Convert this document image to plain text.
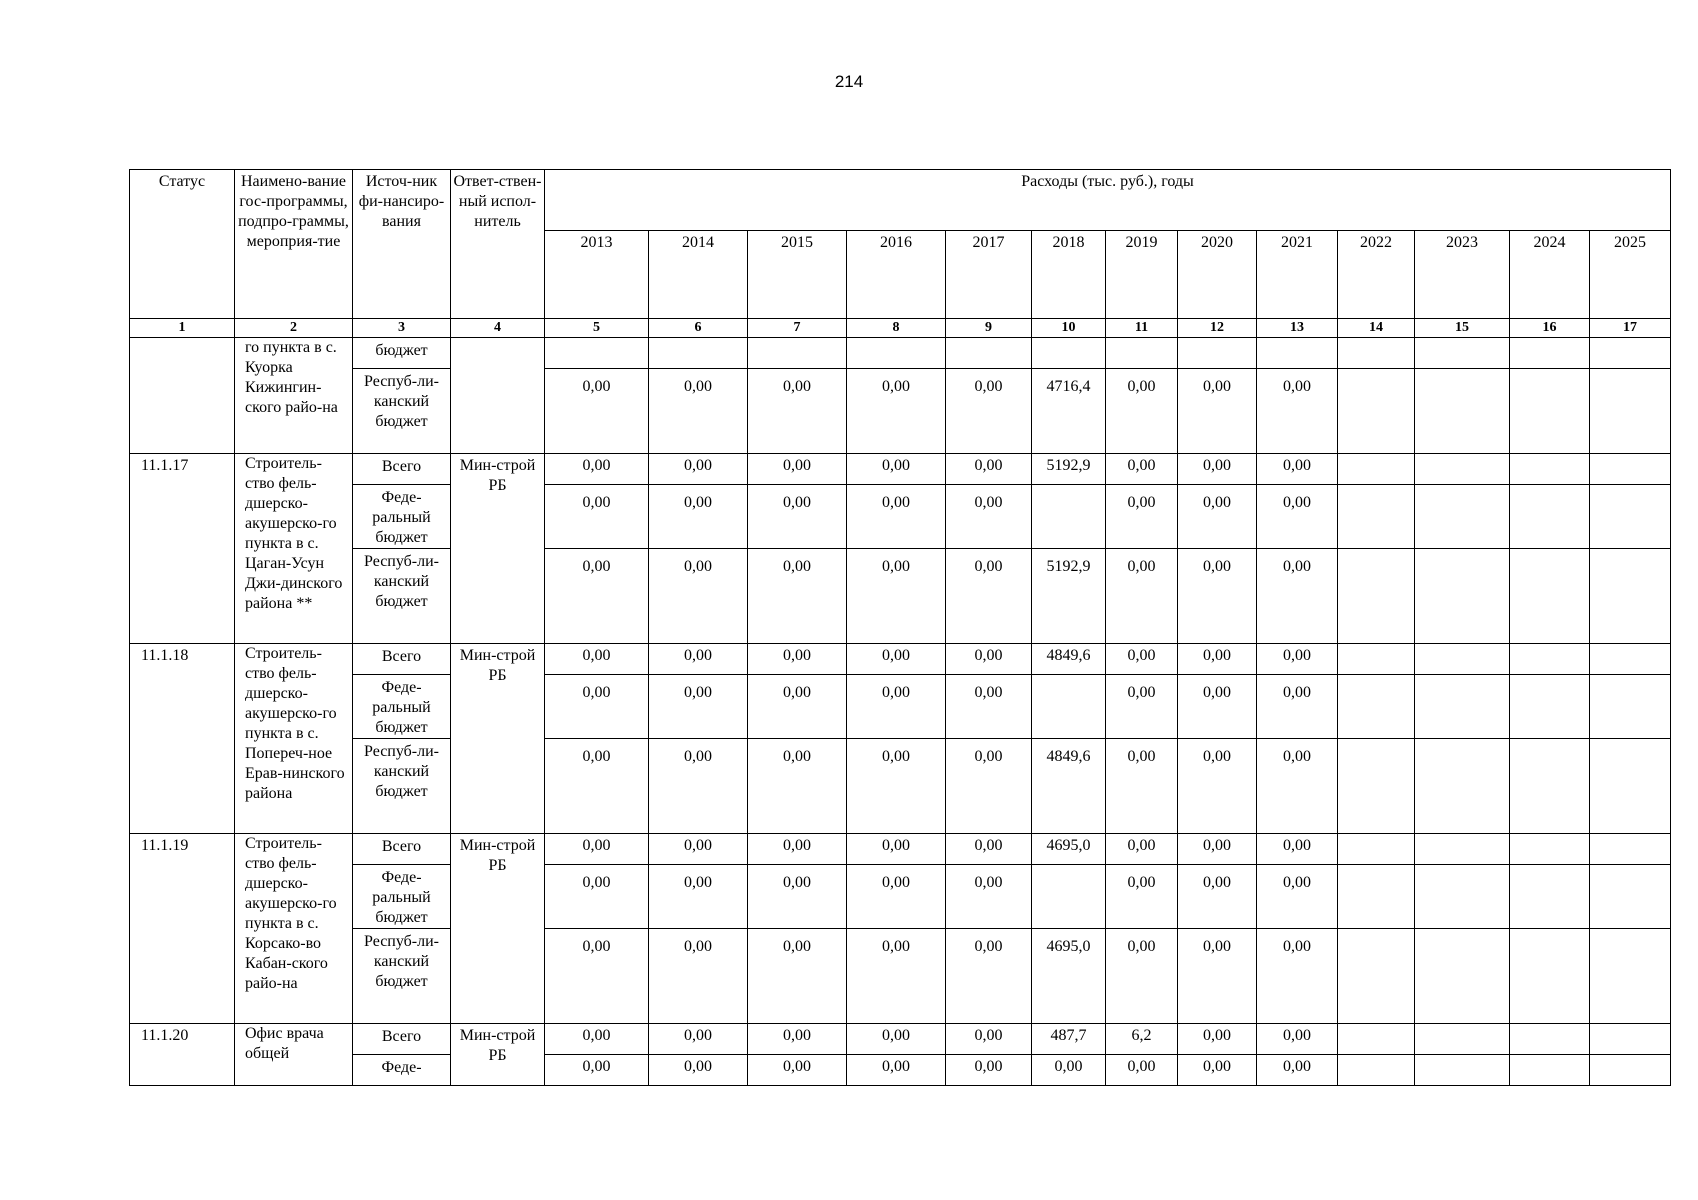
214
Статус	Наимено-вание гос-программы, подпро-граммы, мероприя-тие	Источ-ник фи-нансиро-вания	Ответ-ствен-ный испол-нитель	Расходы (тыс. руб.), годы												
				2013	2014	2015	2016	2017	2018	2019	2020	2021	2022	2023	2024	2025
1	2	3	4	5	6	7	8	9	10	11	12	13	14	15	16	17
	го пункта в с. Куорка Кижингин-ского райо-на	бюджет														
		Респуб-ли-канский бюджет		0,00	0,00	0,00	0,00	0,00	4716,4	0,00	0,00	0,00				
11.1.17	Строитель-ство фель-дшерско-акушерско-го пункта в с. Цаган-Усун Джи-динского района **	Всего	Мин-строй РБ	0,00	0,00	0,00	0,00	0,00	5192,9	0,00	0,00	0,00				
		Феде-ральный бюджет		0,00	0,00	0,00	0,00	0,00		0,00	0,00	0,00				
		Респуб-ли-канский бюджет		0,00	0,00	0,00	0,00	0,00	5192,9	0,00	0,00	0,00				
11.1.18	Строитель-ство фель-дшерско-акушерско-го пункта в с. Попереч-ное Ерав-нинского района	Всего	Мин-строй РБ	0,00	0,00	0,00	0,00	0,00	4849,6	0,00	0,00	0,00				
		Феде-ральный бюджет		0,00	0,00	0,00	0,00	0,00		0,00	0,00	0,00				
		Респуб-ли-канский бюджет		0,00	0,00	0,00	0,00	0,00	4849,6	0,00	0,00	0,00				
11.1.19	Строитель-ство фель-дшерско-акушерско-го пункта в с. Корсако-во Кабан-ского райо-на	Всего	Мин-строй РБ	0,00	0,00	0,00	0,00	0,00	4695,0	0,00	0,00	0,00				
		Феде-ральный бюджет		0,00	0,00	0,00	0,00	0,00		0,00	0,00	0,00				
		Респуб-ли-канский бюджет		0,00	0,00	0,00	0,00	0,00	4695,0	0,00	0,00	0,00				
11.1.20	Офис врача общей	Всего	Мин-строй РБ	0,00	0,00	0,00	0,00	0,00	487,7	6,2	0,00	0,00				
		Феде-		0,00	0,00	0,00	0,00	0,00	0,00	0,00	0,00	0,00				
